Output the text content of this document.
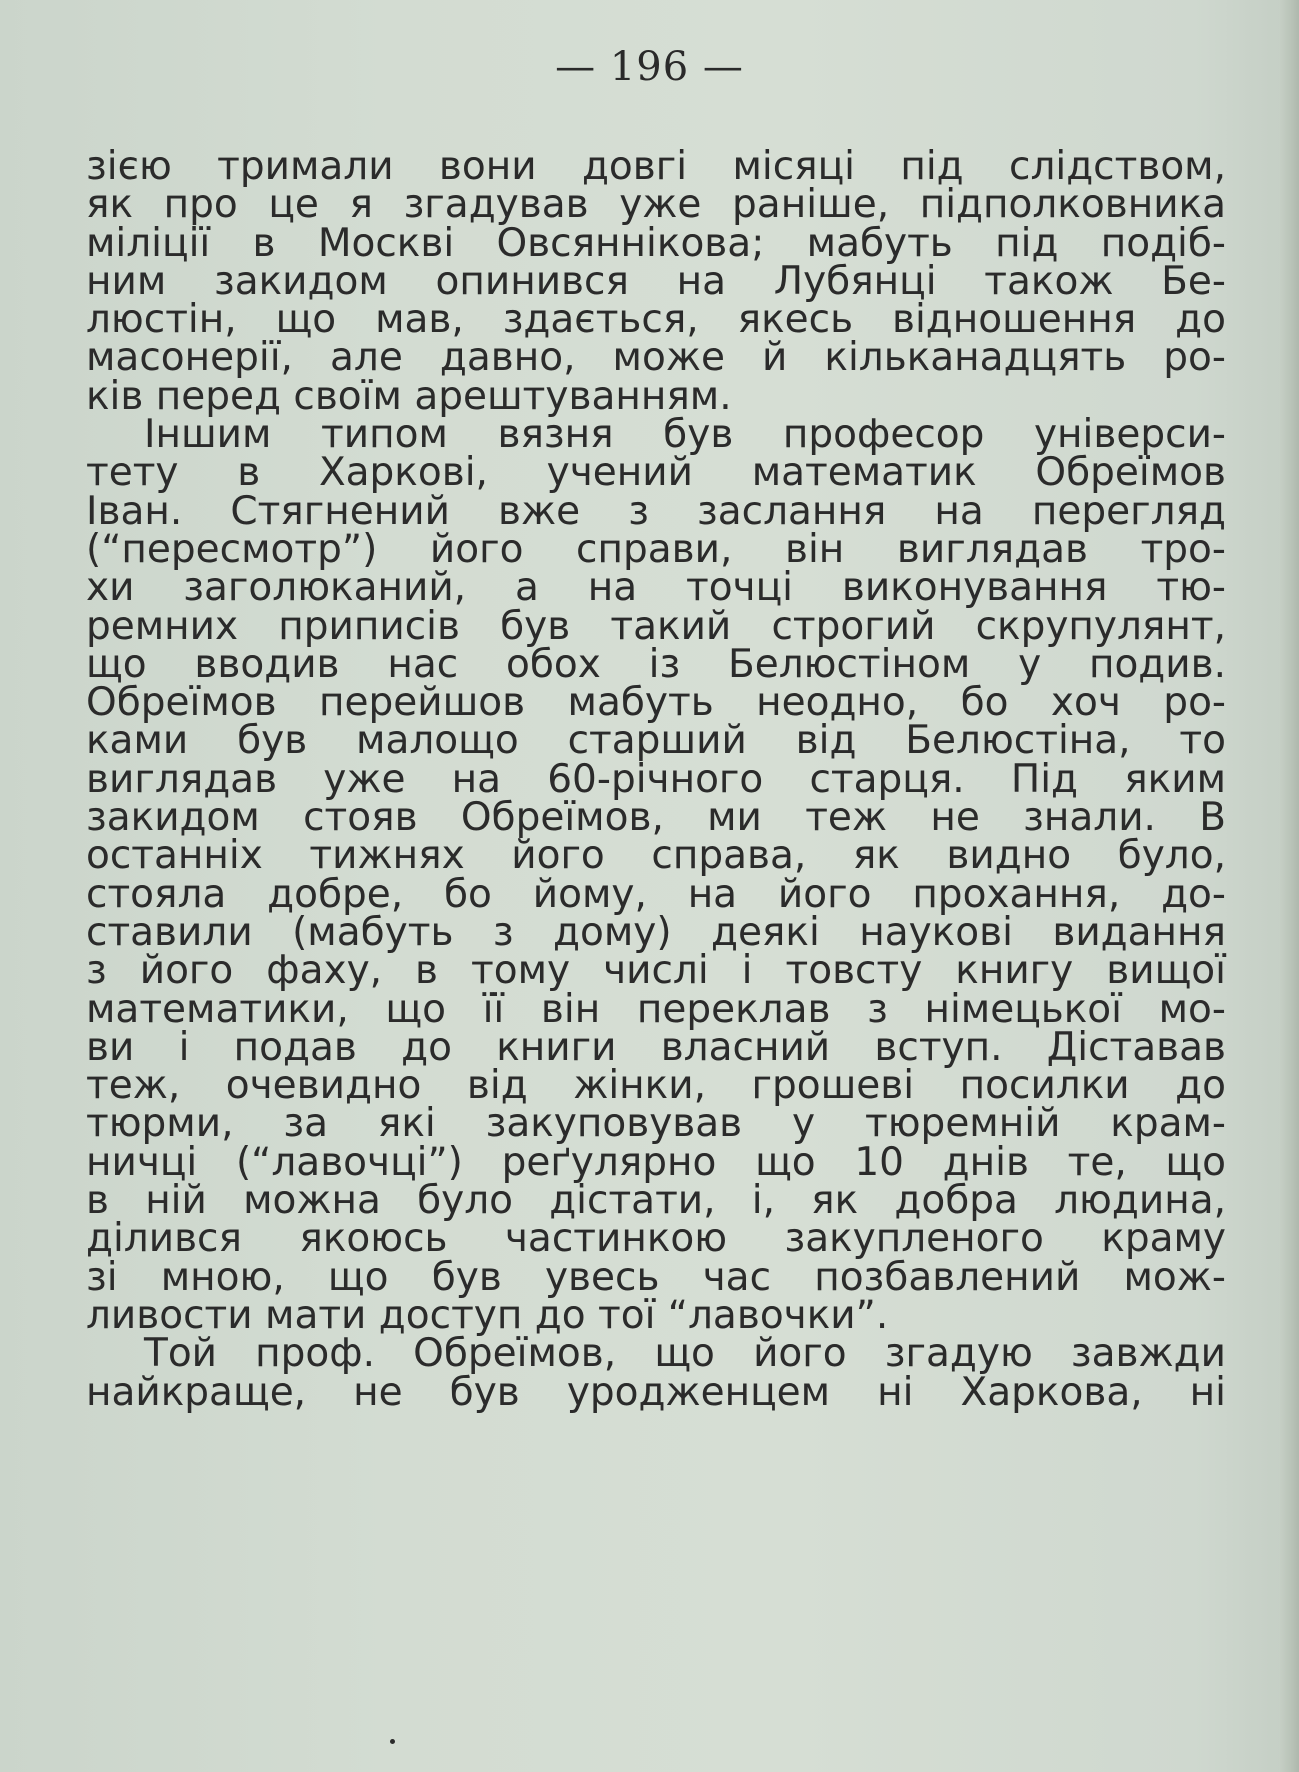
— 196 —
зією тримали вони довгі місяці під слідством,
як про це я згадував уже раніше, підполковника
міліції в Москві Овсяннікова; мабуть під подіб-
ним закидом опинився на Лубянці також Бе-
люстін, що мав, здається, якесь відношення до
масонерії, але давно, може й кільканадцять ро-
ків перед своїм арештуванням.
Іншим типом вязня був професор універси-
тету в Харкові, учений математик Обреїмов
Іван. Стягнений вже з заслання на перегляд
(“пересмотр”) його справи, він виглядав тро-
хи заголюканий, а на точці виконування тю-
ремних приписів був такий строгий скрупулянт,
що вводив нас обох із Белюстіном у подив.
Обреїмов перейшов мабуть неодно, бо хоч ро-
ками був малощо старший від Белюстіна, то
виглядав уже на 60-річного старця. Під яким
закидом стояв Обреїмов, ми теж не знали. В
останніх тижнях його справа, як видно було,
стояла добре, бо йому, на його прохання, до-
ставили (мабуть з дому) деякі наукові видання
з його фаху, в тому числі і товсту книгу вищої
математики, що її він переклав з німецької мо-
ви і подав до книги власний вступ. Діставав
теж, очевидно від жінки, грошеві посилки до
тюрми, за які закуповував у тюремній крам-
ничці (“лавочці”) реґулярно що 10 днів те, що
в ній можна було дістати, і, як добра людина,
ділився якоюсь частинкою закупленого краму
зі мною, що був увесь час позбавлений мож-
ливости мати доступ до тої “лавочки”.
Той проф. Обреїмов, що його згадую завжди
найкраще, не був уродженцем ні Харкова, ні
